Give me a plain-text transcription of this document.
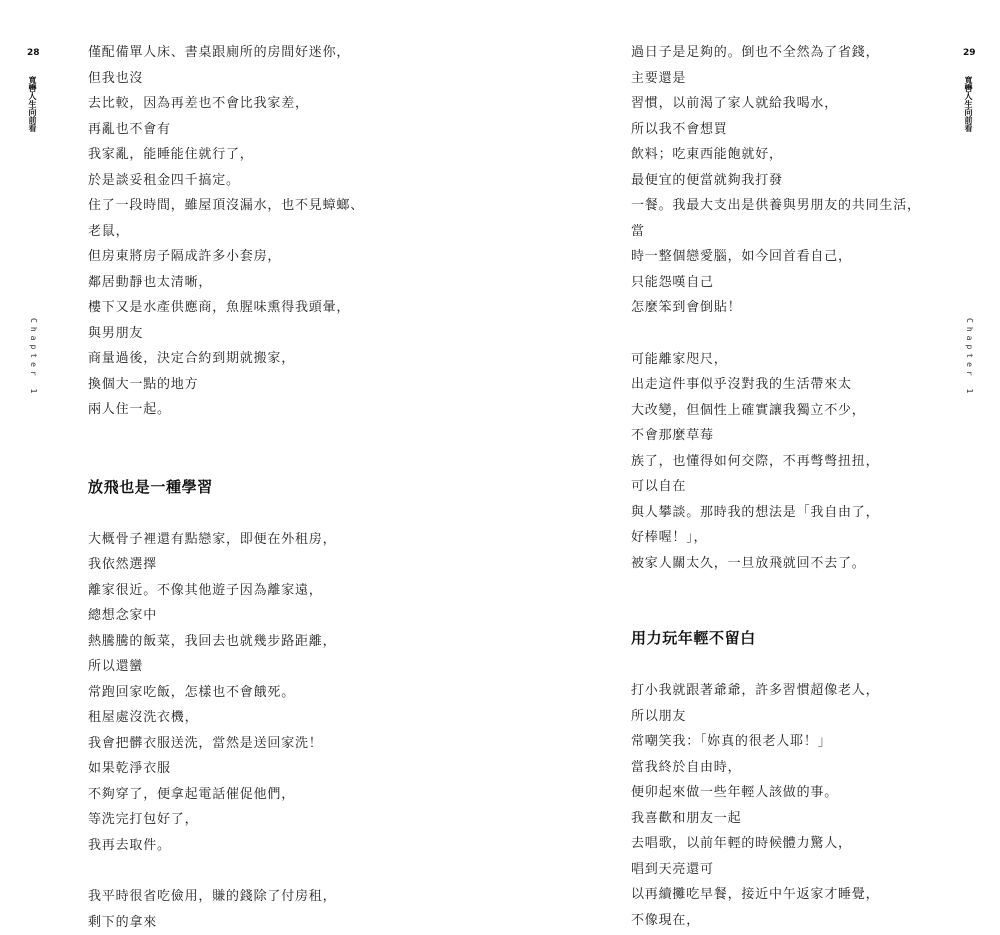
28
寬轡人生向前看
Chapter 1

僅配備單人床、書桌跟廁所的房間好迷你，但我也沒
去比較，因為再差也不會比我家差，再亂也不會有
我家亂，能睡能住就行了，於是談妥租金四千搞定。
住了一段時間，雖屋頂沒漏水，也不見蟑螂、老鼠，
但房東將房子隔成許多小套房，鄰居動靜也太清晰，
樓下又是水產供應商，魚腥味熏得我頭暈，與男朋友
商量過後，決定合約到期就搬家，換個大一點的地方
兩人住一起。

放飛也是一種學習

大概骨子裡還有點戀家，即便在外租房，我依然選擇
離家很近。不像其他遊子因為離家遠，總想念家中
熱騰騰的飯菜，我回去也就幾步路距離，所以還蠻
常跑回家吃飯，怎樣也不會餓死。租屋處沒洗衣機，
我會把髒衣服送洗，當然是送回家洗！如果乾淨衣服
不夠穿了，便拿起電話催促他們，等洗完打包好了，
我再去取件。

我平時很省吃儉用，賺的錢除了付房租，剩下的拿來

29
寬轡人生向前看
Chapter 1

過日子是足夠的。倒也不全然為了省錢，主要還是
習慣，以前渴了家人就給我喝水，所以我不會想買
飲料；吃東西能飽就好，最便宜的便當就夠我打發
一餐。我最大支出是供養與男朋友的共同生活，當
時一整個戀愛腦，如今回首看自己，只能怨嘆自己
怎麼笨到會倒貼！

可能離家咫尺，出走這件事似乎沒對我的生活帶來太
大改變，但個性上確實讓我獨立不少，不會那麼草莓
族了，也懂得如何交際，不再彆彆扭扭，可以自在
與人攀談。那時我的想法是「我自由了，好棒喔！」，
被家人關太久，一旦放飛就回不去了。

用力玩年輕不留白

打小我就跟著爺爺，許多習慣超像老人，所以朋友
常嘲笑我：「妳真的很老人耶！」當我終於自由時，
便卯起來做一些年輕人該做的事。我喜歡和朋友一起
去唱歌，以前年輕的時候體力驚人，唱到天亮還可
以再續攤吃早餐，接近中午返家才睡覺，不像現在，
